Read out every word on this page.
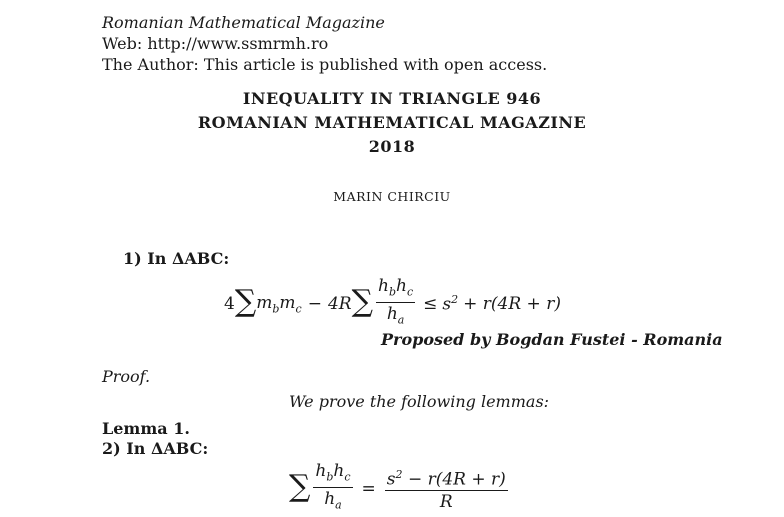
Romanian Mathematical Magazine
Web: http://www.ssmrmh.ro
The Author: This article is published with open access.
INEQUALITY IN TRIANGLE 946
ROMANIAN MATHEMATICAL MAGAZINE
2018
MARIN CHIRCIU
1) In ΔABC:
4 ∑ $m_b$ $m_c - 4R$ ∑ $\frac{h_bh_c}{h_a} \le s^2 + r(4R + r)$
Proposed by Bogdan Fustei - Romania
Proof.
We prove the following lemmas:
Lemma 1.
2) In ΔABC:
∑ $\frac{h_bh_c}{h_a} = \frac{s^2 - r(4R + r)}{R}$
